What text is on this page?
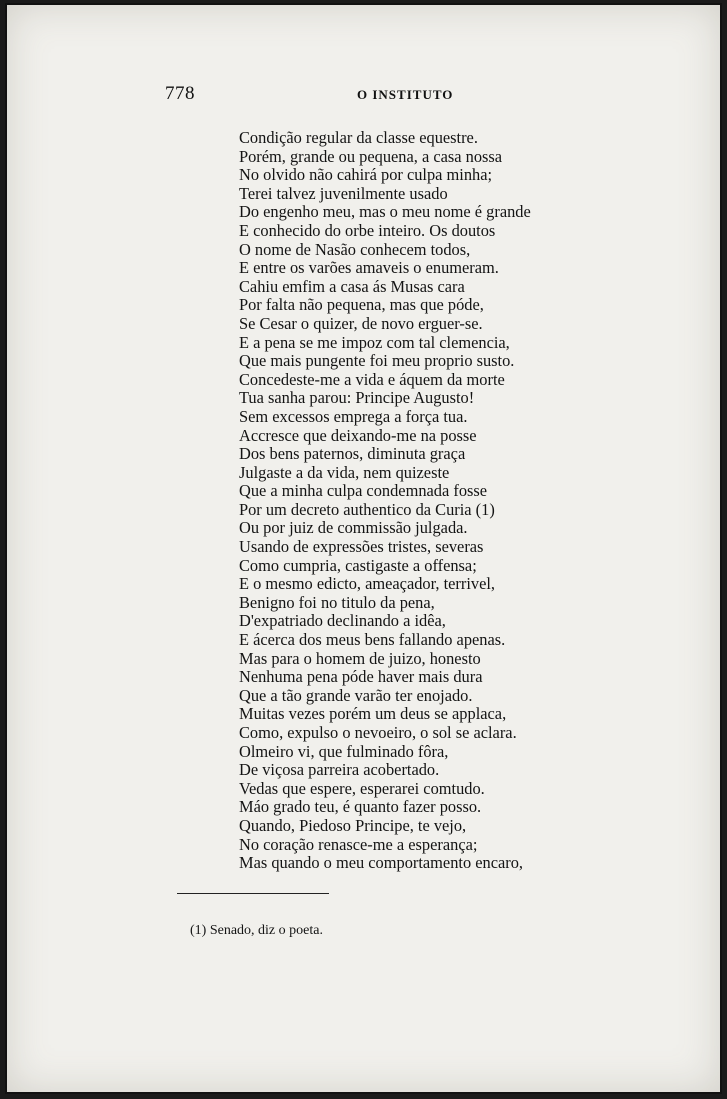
778	O INSTITUTO
Condição regular da classe equestre.
Porém, grande ou pequena, a casa nossa
No olvido não cahirá por culpa minha;
Terei talvez juvenilmente usado
Do engenho meu, mas o meu nome é grande
E conhecido do orbe inteiro. Os doutos
O nome de Nasão conhecem todos,
E entre os varões amaveis o enumeram.
Cahiu emfim a casa ás Musas cara
Por falta não pequena, mas que póde,
Se Cesar o quizer, de novo erguer-se.
E a pena se me impoz com tal clemencia,
Que mais pungente foi meu proprio susto.
Concedeste-me a vida e áquem da morte
Tua sanha parou: Principe Augusto!
Sem excessos emprega a força tua.
Accresce que deixando-me na posse
Dos bens paternos, diminuta graça
Julgaste a da vida, nem quizeste
Que a minha culpa condemnada fosse
Por um decreto authentico da Curia (1)
Ou por juiz de commissão julgada.
Usando de expressões tristes, severas
Como cumpria, castigaste a offensa;
E o mesmo edicto, ameaçador, terrivel,
Benigno foi no titulo da pena,
D'expatriado declinando a idêa,
E ácerca dos meus bens fallando apenas.
Mas para o homem de juizo, honesto
Nenhuma pena póde haver mais dura
Que a tão grande varão ter enojado.
Muitas vezes porém um deus se applaca,
Como, expulso o nevoeiro, o sol se aclara.
Olmeiro vi, que fulminado fôra,
De viçosa parreira acobertado.
Vedas que espere, esperarei comtudo.
Máo grado teu, é quanto fazer posso.
Quando, Piedoso Principe, te vejo,
No coração renasce-me a esperança;
Mas quando o meu comportamento encaro,
(1) Senado, diz o poeta.
